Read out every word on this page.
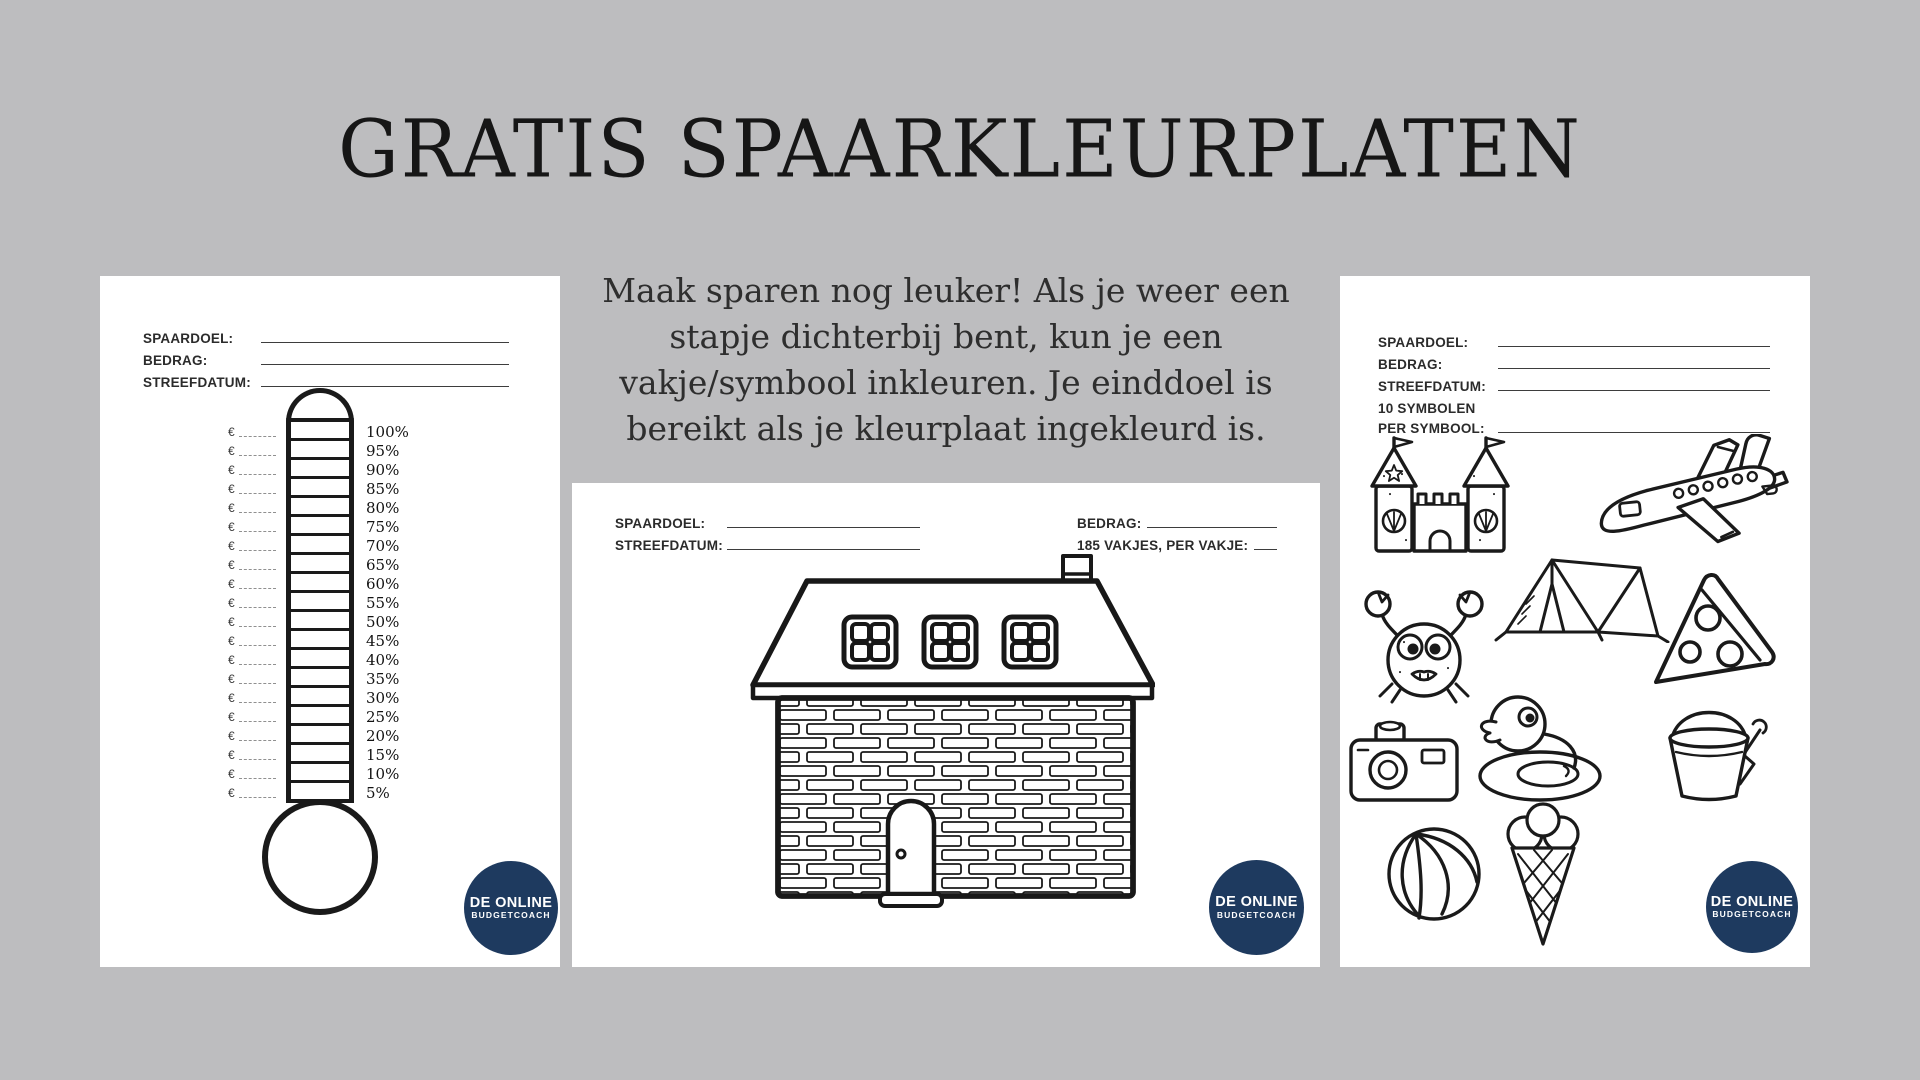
GRATIS SPAARKLEURPLATEN
Maak sparen nog leuker! Als je weer een
stapje dichterbij bent, kun je een
vakje/symbool inkleuren. Je einddoel is
bereikt als je kleurplaat ingekleurd is.
SPAARDOEL:
BEDRAG:
STREEFDATUM:
€	100%
€	95%
€	90%
€	85%
€	80%
€	75%
€	70%
€	65%
€	60%
€	55%
€	50%
€	45%
€	40%
€	35%
€	30%
€	25%
€	20%
€	15%
€	10%
€	5%
DE ONLINE
BUDGETCOACH
SPAARDOEL:
STREEFDATUM:
BEDRAG:
185 VAKJES, PER VAKJE:
DE ONLINE
BUDGETCOACH
SPAARDOEL:
BEDRAG:
STREEFDATUM:
10 SYMBOLEN
PER SYMBOOL:
DE ONLINE
BUDGETCOACH
